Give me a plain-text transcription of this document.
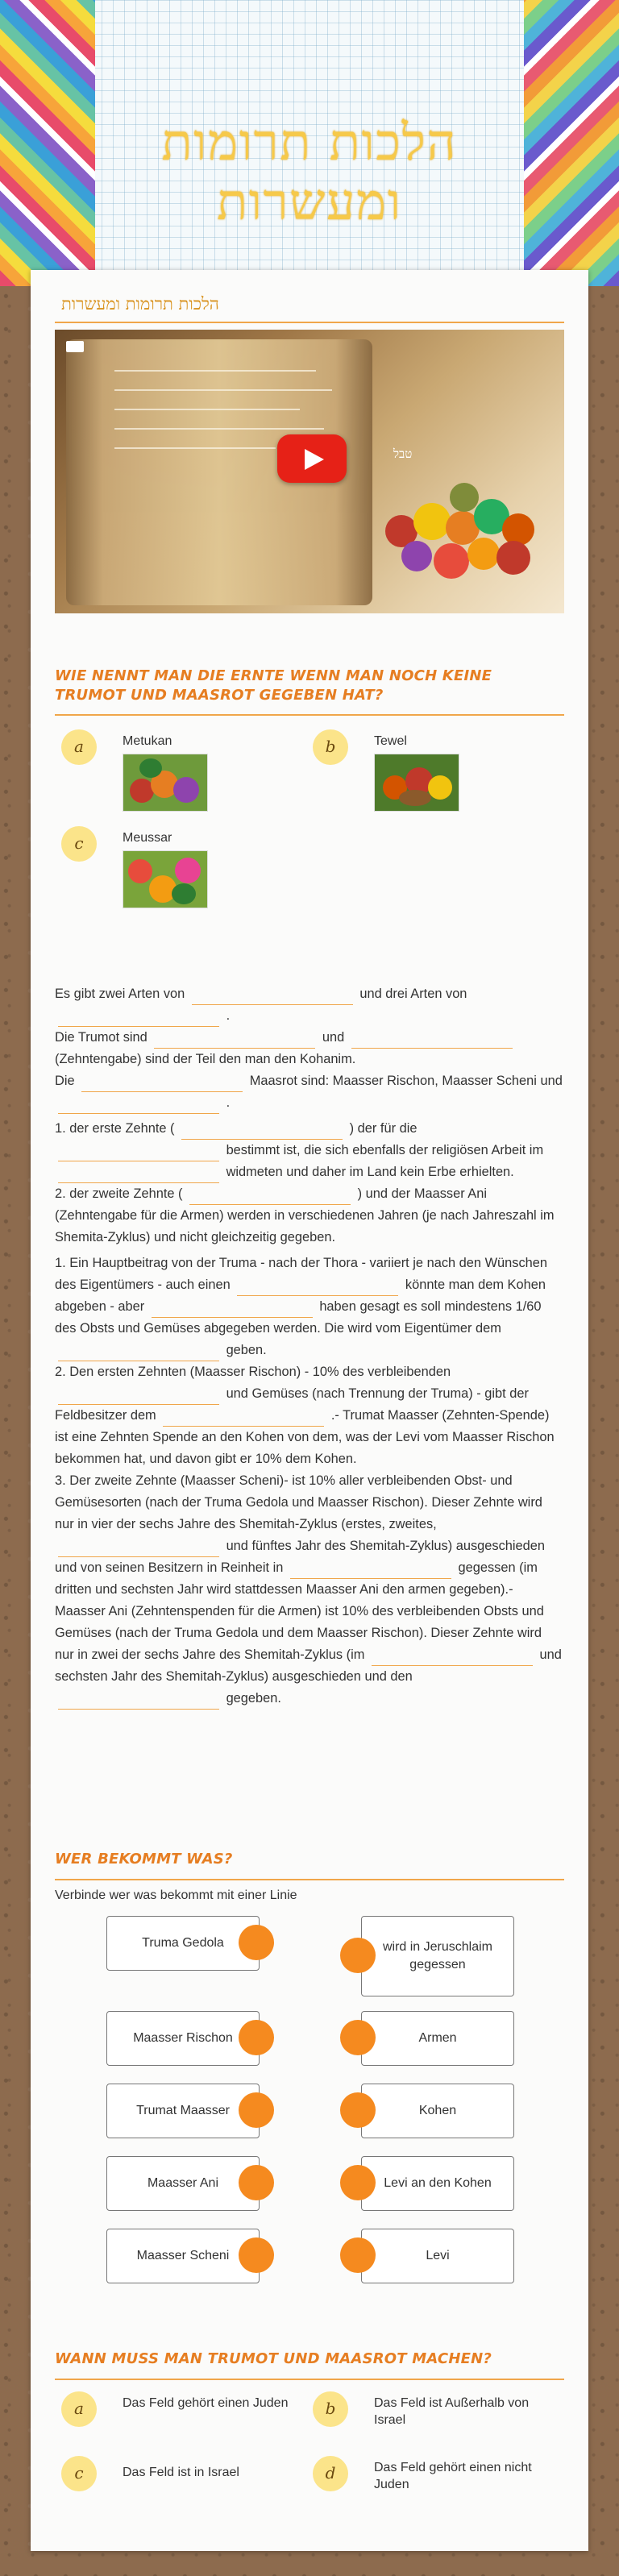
הלכות תרומות ומעשרות
הלכות תרומות ומעשרות
טבל
WIE NENNT MAN DIE ERNTE WENN MAN NOCH KEINE TRUMOT UND MAASROT GEGEBEN HAT?
a	Metukan	b	Tewel
c	Meussar

Es gibt zwei Arten von	und drei Arten von  .
Die Trumot sind	und  (Zehntengabe) sind der Teil den man den Kohanim.
Die	Maasrot sind: Maasser Rischon, Maasser Scheni und  .

1. der erste Zehnte (	) der für die  bestimmt ist, die sich ebenfalls der religiösen Arbeit im  widmeten und daher im Land kein Erbe erhielten.
2. der zweite Zehnte (	) und der Maasser Ani (Zehntengabe für die Armen) werden in verschiedenen Jahren (je nach Jahreszahl im Shemita-Zyklus) und nicht gleichzeitig gegeben.

1. Ein Hauptbeitrag von der Truma - nach der Thora - variiert je nach den Wünschen des Eigentümers - auch einen	könnte man dem Kohen abgeben - aber	haben gesagt es soll mindestens 1/60 des Obsts und Gemüses abgegeben werden. Die wird vom Eigentümer dem  geben.
2. Den ersten Zehnten (Maasser Rischon) - 10% des verbleibenden  und Gemüses (nach Trennung der Truma) - gibt der Feldbesitzer dem	.- Trumat Maasser (Zehnten-Spende) ist eine Zehnten Spende an den Kohen von dem, was der Levi vom Maasser Rischon bekommen hat, und davon gibt er 10% dem Kohen.
3. Der zweite Zehnte (Maasser Scheni)- ist 10% aller verbleibenden Obst- und Gemüsesorten (nach der Truma Gedola und Maasser Rischon). Dieser Zehnte wird nur in vier der sechs Jahre des Shemitah-Zyklus (erstes, zweites,  und fünftes Jahr des Shemitah-Zyklus) ausgeschieden und von seinen Besitzern in Reinheit in	gegessen (im dritten und sechsten Jahr wird stattdessen Maasser Ani den armen gegeben).- Maasser Ani (Zehntenspenden für die Armen) ist 10% des verbleibenden Obsts und Gemüses (nach der Truma Gedola und dem Maasser Rischon). Dieser Zehnte wird nur in zwei der sechs Jahre des Shemitah-Zyklus (im	und sechsten Jahr des Shemitah-Zyklus) ausgeschieden und den  gegeben.

WER BEKOMMT WAS?
Verbinde wer was bekommt mit einer Linie
Truma Gedola	wird in Jeruschlaim gegessen
Maasser Rischon	Armen
Trumat Maasser	Kohen
Maasser Ani	Levi an den Kohen
Maasser Scheni	Levi
WANN MUSS MAN TRUMOT UND MAASROT MACHEN?
a	Das Feld gehört einen Juden	b	Das Feld ist Außerhalb von Israel
c	Das Feld ist in Israel	d	Das Feld gehört einen nicht Juden
